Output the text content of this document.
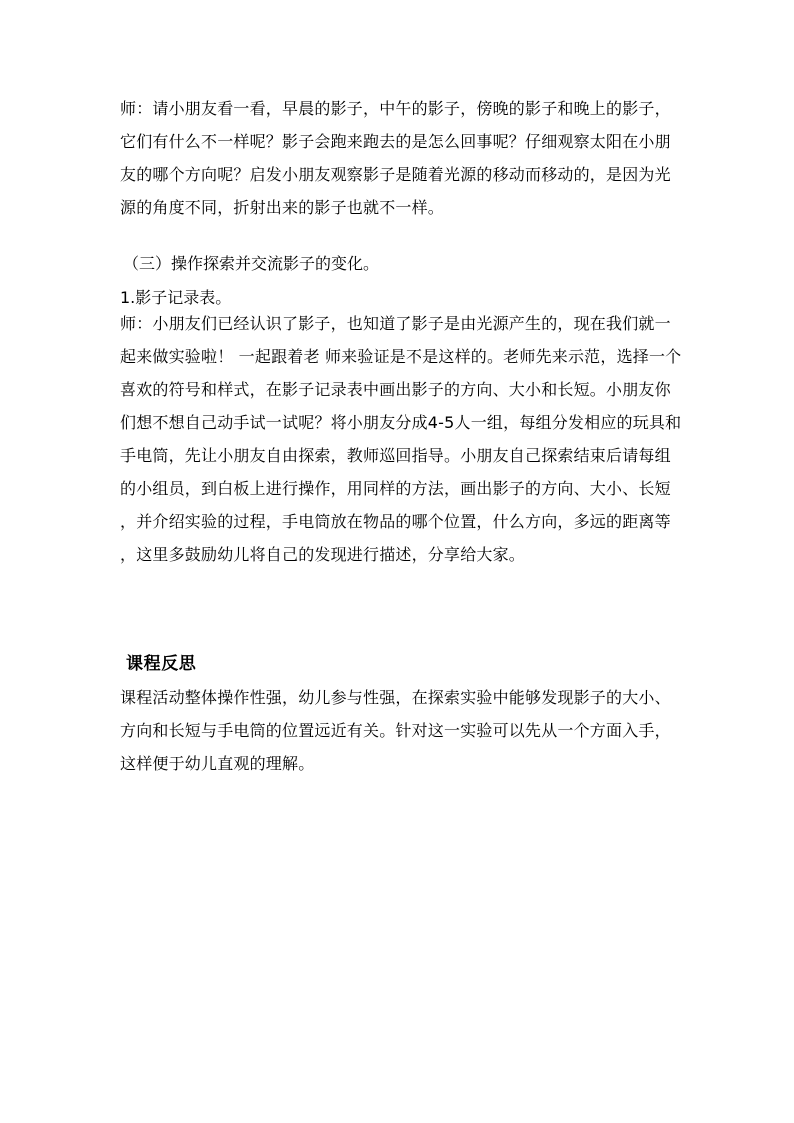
师：请小朋友看一看，早晨的影子，中午的影子，傍晚的影子和晚上的影子，
它们有什么不一样呢？影子会跑来跑去的是怎么回事呢？仔细观察太阳在小朋
友的哪个方向呢？启发小朋友观察影子是随着光源的移动而移动的，是因为光
源的角度不同，折射出来的影子也就不一样。

（三）操作探索并交流影子的变化。

1.影子记录表。

师：小朋友们已经认识了影子，也知道了影子是由光源产生的，现在我们就一
起来做实验啦！ 一起跟着老 师来验证是不是这样的。老师先来示范，选择一个
喜欢的符号和样式，在影子记录表中画出影子的方向、大小和长短。小朋友你
们想不想自己动手试一试呢？将小朋友分成4-5人一组，每组分发相应的玩具和
手电筒，先让小朋友自由探索，教师巡回指导。小朋友自己探索结束后请每组
的小组员，到白板上进行操作，用同样的方法，画出影子的方向、大小、长短
，并介绍实验的过程，手电筒放在物品的哪个位置，什么方向，多远的距离等
，这里多鼓励幼儿将自己的发现进行描述，分享给大家。
课程反思
课程活动整体操作性强，幼儿参与性强，在探索实验中能够发现影子的大小、
方向和长短与手电筒的位置远近有关。针对这一实验可以先从一个方面入手，
这样便于幼儿直观的理解。
